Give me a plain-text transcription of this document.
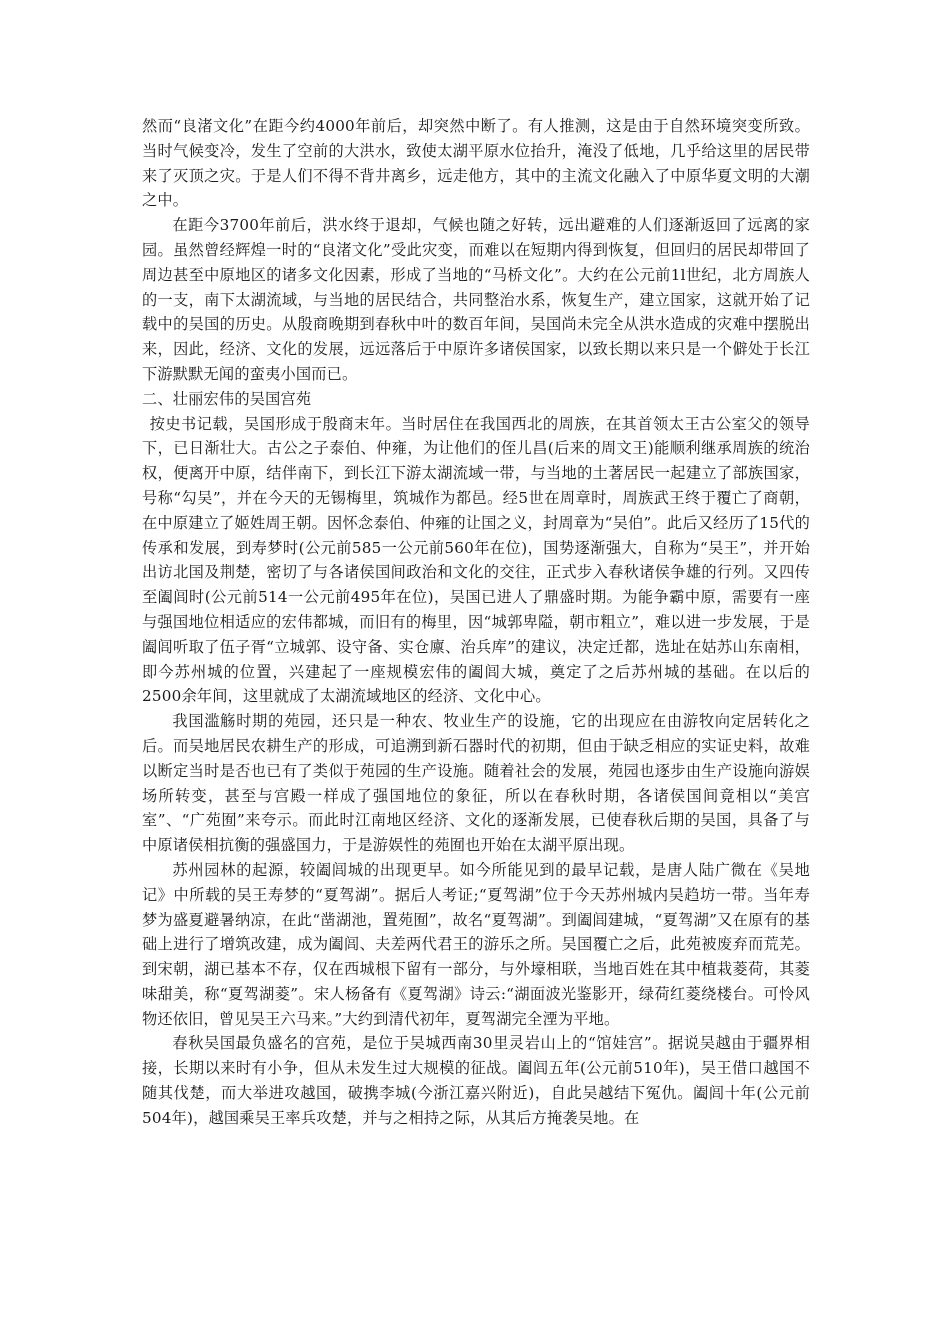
然而“良渚文化”在距今约4000年前后，却突然中断了。有人推测，这是由于自然环境突变所致。当时气候变冷，发生了空前的大洪水，致使太湖平原水位抬升，淹没了低地，几乎给这里的居民带来了灭顶之灾。于是人们不得不背井离乡，远走他方，其中的主流文化融入了中原华夏文明的大潮之中。

在距今3700年前后，洪水终于退却，气候也随之好转，远出避难的人们逐渐返回了远离的家园。虽然曾经辉煌一时的“良渚文化”受此灾变，而难以在短期内得到恢复，但回归的居民却带回了周边甚至中原地区的诸多文化因素，形成了当地的“马桥文化”。大约在公元前1l世纪，北方周族人的一支，南下太湖流域，与当地的居民结合，共同整治水系，恢复生产，建立国家，这就开始了记载中的吴国的历史。从殷商晚期到春秋中叶的数百年间，吴国尚未完全从洪水造成的灾难中摆脱出来，因此，经济、文化的发展，远远落后于中原许多诸侯国家，以致长期以来只是一个僻处于长江下游默默无闻的蛮夷小国而已。

二、壮丽宏伟的吴国宫苑

按史书记载，吴国形成于殷商末年。当时居住在我国西北的周族，在其首领太王古公室父的领导下，已日渐壮大。古公之子泰伯、仲雍，为让他们的侄儿昌(后来的周文王)能顺利继承周族的统治权，便离开中原，结伴南下，到长江下游太湖流域一带，与当地的土著居民一起建立了部族国家，号称“勾吴”，并在今天的无锡梅里，筑城作为都邑。经5世在周章时，周族武王终于覆亡了商朝，在中原建立了姬姓周王朝。因怀念泰伯、仲雍的让国之义，封周章为“吴伯”。此后又经历了15代的传承和发展，到寿梦时(公元前585一公元前560年在位)，国势逐渐强大，自称为“吴王”，并开始出访北国及荆楚，密切了与各诸侯国间政治和文化的交往，正式步入春秋诸侯争雄的行列。又四传至阖闾时(公元前514一公元前495年在位)，吴国已进人了鼎盛时期。为能争霸中原，需要有一座与强国地位相适应的宏伟都城，而旧有的梅里，因“城郭卑隘，朝市粗立”，难以进一步发展，于是阖闾听取了伍子胥“立城郭、设守备、实仓廪、治兵库”的建议，决定迁都，选址在姑苏山东南相，即今苏州城的位置，兴建起了一座规模宏伟的阖闾大城，奠定了之后苏州城的基础。在以后的2500余年间，这里就成了太湖流域地区的经济、文化中心。

我国滥觞时期的苑园，还只是一种农、牧业生产的设施，它的出现应在由游牧向定居转化之后。而吴地居民农耕生产的形成，可追溯到新石器时代的初期，但由于缺乏相应的实证史料，故难以断定当时是否也已有了类似于苑园的生产设施。随着社会的发展，苑园也逐步由生产设施向游娱场所转变，甚至与宫殿一样成了强国地位的象征，所以在春秋时期，各诸侯国间竟相以“美宫室”、“广苑囿”来夸示。而此时江南地区经济、文化的逐渐发展，已使春秋后期的吴国，具备了与中原诸侯相抗衡的强盛国力，于是游娱性的苑囿也开始在太湖平原出现。

苏州园林的起源，较阖闾城的出现更早。如今所能见到的最早记载，是唐人陆广微在《吴地记》中所载的吴王寿梦的“夏驾湖”。据后人考证;“夏驾湖”位于今天苏州城内吴趋坊一带。当年寿梦为盛夏避暑纳凉，在此“凿湖池，置苑囿”，故名“夏驾湖”。到阖闾建城，“夏驾湖”又在原有的基础上进行了增筑改建，成为阖闾、夫差两代君王的游乐之所。吴国覆亡之后，此苑被废弃而荒芜。到宋朝，湖已基本不存，仅在西城根下留有一部分，与外壕相联，当地百姓在其中植栽菱荷，其菱味甜美，称“夏驾湖菱”。宋人杨备有《夏驾湖》诗云:“湖面波光鉴影开，绿荷红菱绕楼台。可怜风物还依旧，曾见吴王六马来。”大约到清代初年，夏驾湖完全湮为平地。

春秋吴国最负盛名的宫苑，是位于吴城西南30里灵岩山上的“馆娃宫”。据说吴越由于疆界相接，长期以来时有小争，但从未发生过大规模的征战。阖闾五年(公元前510年)，吴王借口越国不随其伐楚，而大举进攻越国，破携李城(今浙江嘉兴附近)，自此吴越结下冤仇。阖闾十年(公元前504年)，越国乘吴王率兵攻楚，并与之相持之际，从其后方掩袭吴地。在
